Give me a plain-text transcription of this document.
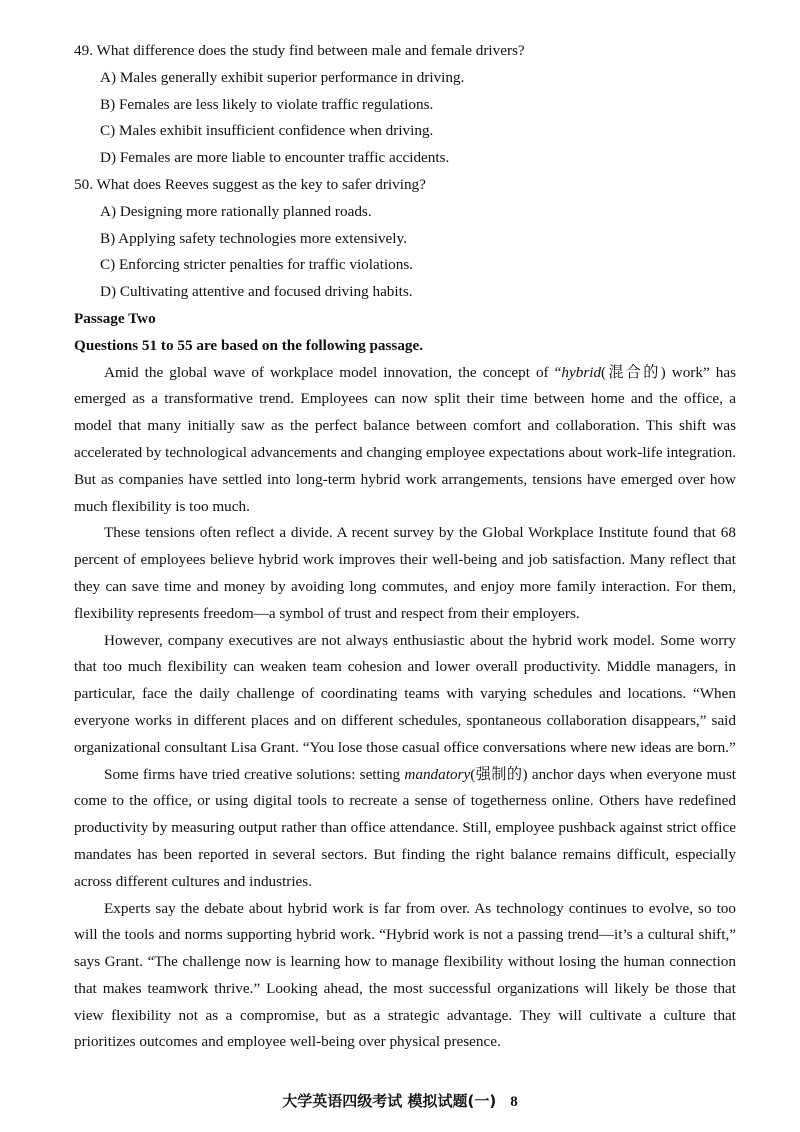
49. What difference does the study find between male and female drivers?
A) Males generally exhibit superior performance in driving.
B) Females are less likely to violate traffic regulations.
C) Males exhibit insufficient confidence when driving.
D) Females are more liable to encounter traffic accidents.
50. What does Reeves suggest as the key to safer driving?
A) Designing more rationally planned roads.
B) Applying safety technologies more extensively.
C) Enforcing stricter penalties for traffic violations.
D) Cultivating attentive and focused driving habits.
Passage Two
Questions 51 to 55 are based on the following passage.

Amid the global wave of workplace model innovation, the concept of “hybrid(混合的) work” has emerged as a transformative trend. Employees can now split their time between home and the office, a model that many initially saw as the perfect balance between comfort and collaboration. This shift was accelerated by technological advancements and changing employee expectations about work-life integration. But as companies have settled into long-term hybrid work arrangements, tensions have emerged over how much flexibility is too much.

These tensions often reflect a divide. A recent survey by the Global Workplace Institute found that 68 percent of employees believe hybrid work improves their well-being and job satisfaction. Many reflect that they can save time and money by avoiding long commutes, and enjoy more family interaction. For them, flexibility represents freedom—a symbol of trust and respect from their employers.

However, company executives are not always enthusiastic about the hybrid work model. Some worry that too much flexibility can weaken team cohesion and lower overall productivity. Middle managers, in particular, face the daily challenge of coordinating teams with varying schedules and locations. “When everyone works in different places and on different schedules, spontaneous collaboration disappears,” said organizational consultant Lisa Grant. “You lose those casual office conversations where new ideas are born.”

Some firms have tried creative solutions: setting mandatory(强制的) anchor days when everyone must come to the office, or using digital tools to recreate a sense of togetherness online. Others have redefined productivity by measuring output rather than office attendance. Still, employee pushback against strict office mandates has been reported in several sectors. But finding the right balance remains difficult, especially across different cultures and industries.

Experts say the debate about hybrid work is far from over. As technology continues to evolve, so too will the tools and norms supporting hybrid work. “Hybrid work is not a passing trend—it’s a cultural shift,” says Grant. “The challenge now is learning how to manage flexibility without losing the human connection that makes teamwork thrive.” Looking ahead, the most successful organizations will likely be those that view flexibility not as a compromise, but as a strategic advantage. They will cultivate a culture that prioritizes outcomes and employee well-being over physical presence.

大学英语四级考试 模拟试题(一) 8
